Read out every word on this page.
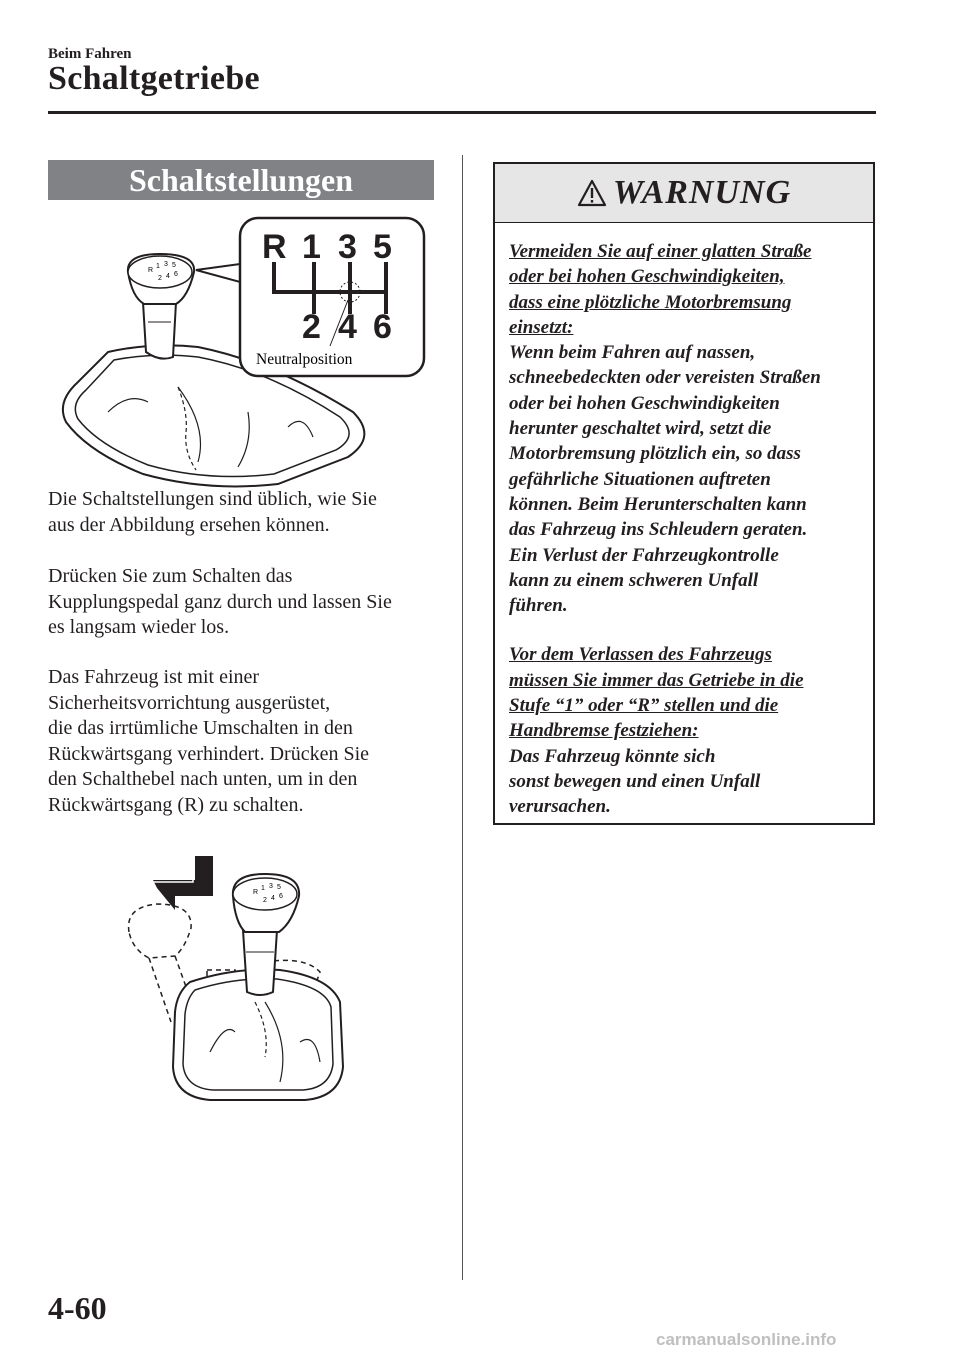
Beim Fahren
Schaltgetriebe
Schaltstellungen
R
1 3 5
2 4 6
R 1 3 5
2 4 6
Neutralposition

Die Schaltstellungen sind üblich, wie Sie
aus der Abbildung ersehen können.

Drücken Sie zum Schalten das
Kupplungspedal ganz durch und lassen Sie
es langsam wieder los.

Das Fahrzeug ist mit einer
Sicherheitsvorrichtung ausgerüstet,
die das irrtümliche Umschalten in den
Rückwärtsgang verhindert. Drücken Sie
den Schalthebel nach unten, um in den
Rückwärtsgang (R) zu schalten.

R
1 3 5
2 4 6
WARNUNG

Vermeiden Sie auf einer glatten Straße
oder bei hohen Geschwindigkeiten,
dass eine plötzliche Motorbremsung
einsetzt:

Wenn beim Fahren auf nassen,
schneebedeckten oder vereisten Straßen
oder bei hohen Geschwindigkeiten
herunter geschaltet wird, setzt die
Motorbremsung plötzlich ein, so dass
gefährliche Situationen auftreten
können. Beim Herunterschalten kann
das Fahrzeug ins Schleudern geraten.
Ein Verlust der Fahrzeugkontrolle
kann zu einem schweren Unfall
führen.

Vor dem Verlassen des Fahrzeugs
müssen Sie immer das Getriebe in die
Stufe “1” oder “R” stellen und die
Handbremse festziehen:

Das Fahrzeug könnte sich
sonst bewegen und einen Unfall
verursachen.

4-60
carmanualsonline.info
